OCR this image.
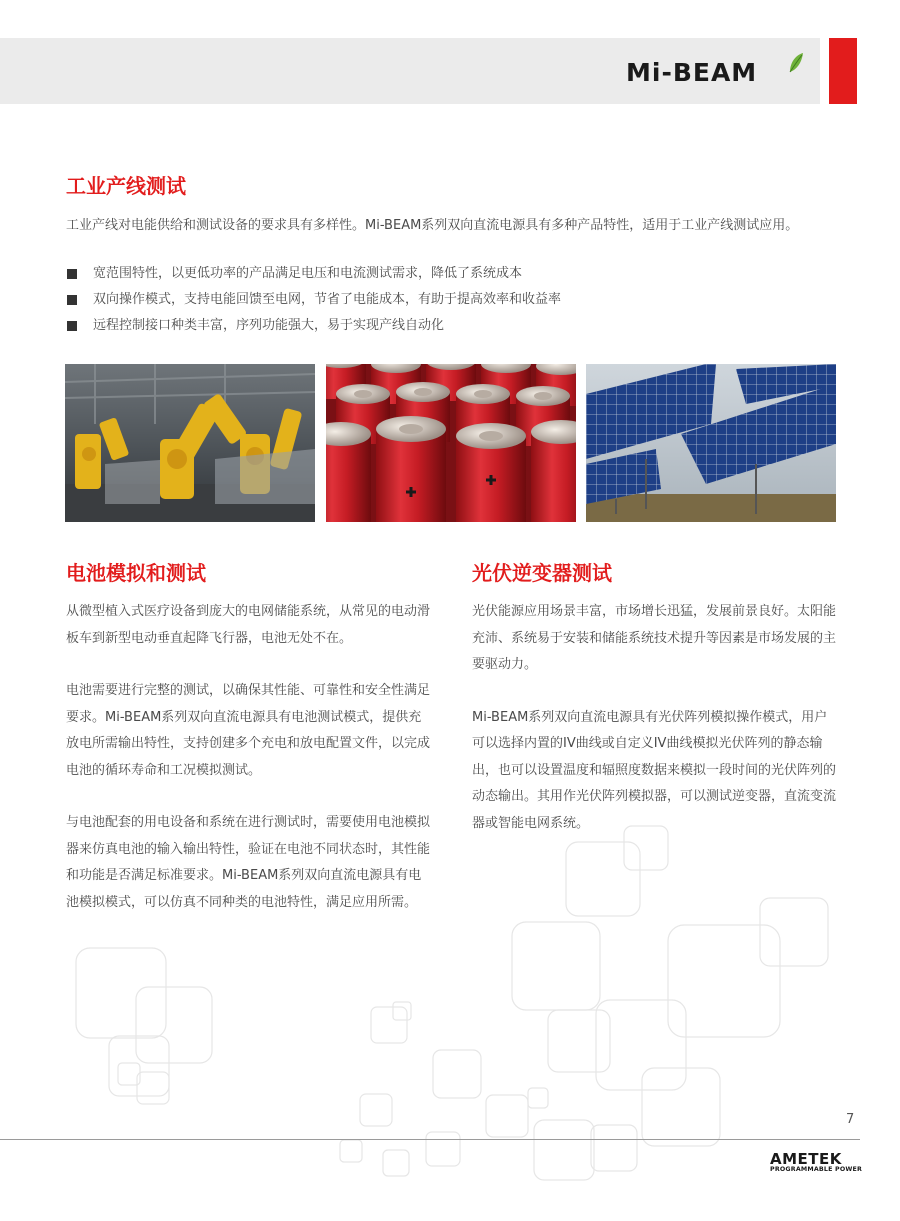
Mi-BEAM
工业产线测试

工业产线对电能供给和测试设备的要求具有多样性。Mi-BEAM系列双向直流电源具有多种产品特性，适用于工业产线测试应用。

宽范围特性，以更低功率的产品满足电压和电流测试需求，降低了系统成本
双向操作模式，支持电能回馈至电网，节省了电能成本，有助于提高效率和收益率
远程控制接口种类丰富，序列功能强大，易于实现产线自动化
电池模拟和测试

从微型植入式医疗设备到庞大的电网储能系统，从常见的电动滑板车到新型电动垂直起降飞行器，电池无处不在。

电池需要进行完整的测试，以确保其性能、可靠性和安全性满足要求。Mi-BEAM系列双向直流电源具有电池测试模式，提供充放电所需输出特性，支持创建多个充电和放电配置文件，以完成电池的循环寿命和工况模拟测试。

与电池配套的用电设备和系统在进行测试时，需要使用电池模拟器来仿真电池的输入输出特性，验证在电池不同状态时，其性能和功能是否满足标准要求。Mi-BEAM系列双向直流电源具有电池模拟模式，可以仿真不同种类的电池特性，满足应用所需。

光伏逆变器测试

光伏能源应用场景丰富，市场增长迅猛，发展前景良好。太阳能充沛、系统易于安装和储能系统技术提升等因素是市场发展的主要驱动力。

Mi-BEAM系列双向直流电源具有光伏阵列模拟操作模式，用户可以选择内置的IV曲线或自定义IV曲线模拟光伏阵列的静态输出，也可以设置温度和辐照度数据来模拟一段时间的光伏阵列的动态输出。其用作光伏阵列模拟器，可以测试逆变器，直流变流器或智能电网系统。

7
AMETEK
PROGRAMMABLE POWER
